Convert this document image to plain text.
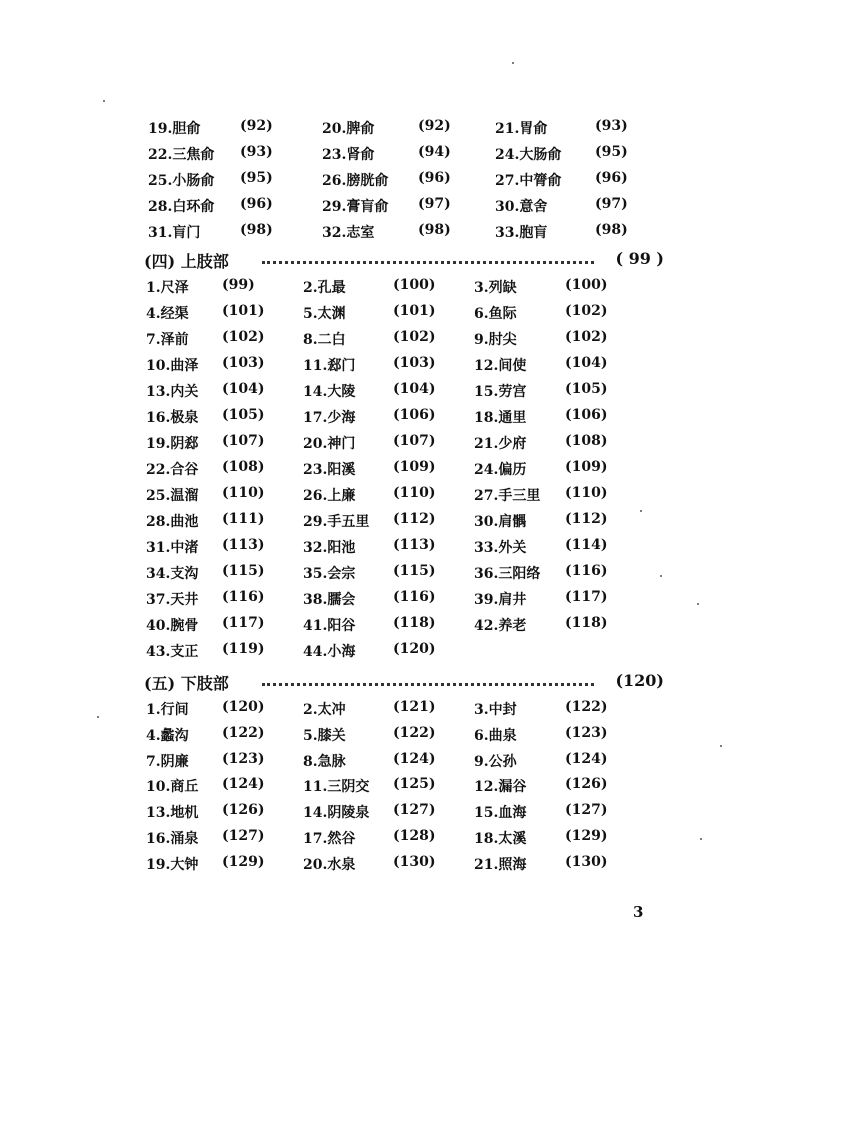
19.胆俞	(92)	20.脾俞	(92)	21.胃俞	(93)
22.三焦俞 (93)	23.肾俞	(94)	24.大肠俞 (95)
25.小肠俞 (95)	26.膀胱俞 (96)	27.中膂俞 (96)
28.白环俞 (96)	29.膏肓俞 (97)	30.意舍	(97)
31.肓门	(98)	32.志室	(98)	33.胞肓	(98)
(四) 上肢部	( 99 )
1.尺泽 (99)	2.孔最	(100)	3.列缺	(100)
4.经渠 (101)	5.太渊	(101)	6.鱼际	(102)
7.泽前 (102)	8.二白	(102)	9.肘尖	(102)
10.曲泽 (103)	11.郄门	(103)	12.间使	(104)
13.内关 (104)	14.大陵	(104)	15.劳宫	(105)
16.极泉 (105)	17.少海	(106)	18.通里	(106)
19.阴郄 (107)	20.神门	(107)	21.少府	(108)
22.合谷 (108)	23.阳溪	(109)	24.偏历	(109)
25.温溜 (110)	26.上廉	(110)	27.手三里 (110)
28.曲池 (111)	29.手五里 (112)	30.肩髃	(112)
31.中渚 (113)	32.阳池	(113)	33.外关	(114)
34.支沟 (115)	35.会宗	(115)	36.三阳络 (116)
37.天井 (116)	38.臑会	(116)	39.肩井	(117)
40.腕骨 (117)	41.阳谷	(118)	42.养老	(118)
43.支正 (119)	44.小海	(120)
(五) 下肢部	(120)
1.行间 (120)	2.太冲	(121)	3.中封	(122)
4.蠡沟 (122)	5.膝关	(122)	6.曲泉	(123)
7.阴廉 (123)	8.急脉	(124)	9.公孙	(124)
10.商丘 (124)	11.三阴交 (125)	12.漏谷	(126)
13.地机 (126)	14.阴陵泉 (127)	15.血海	(127)
16.涌泉 (127)	17.然谷	(128)	18.太溪	(129)
19.大钟 (129)	20.水泉	(130)	21.照海	(130)
3
